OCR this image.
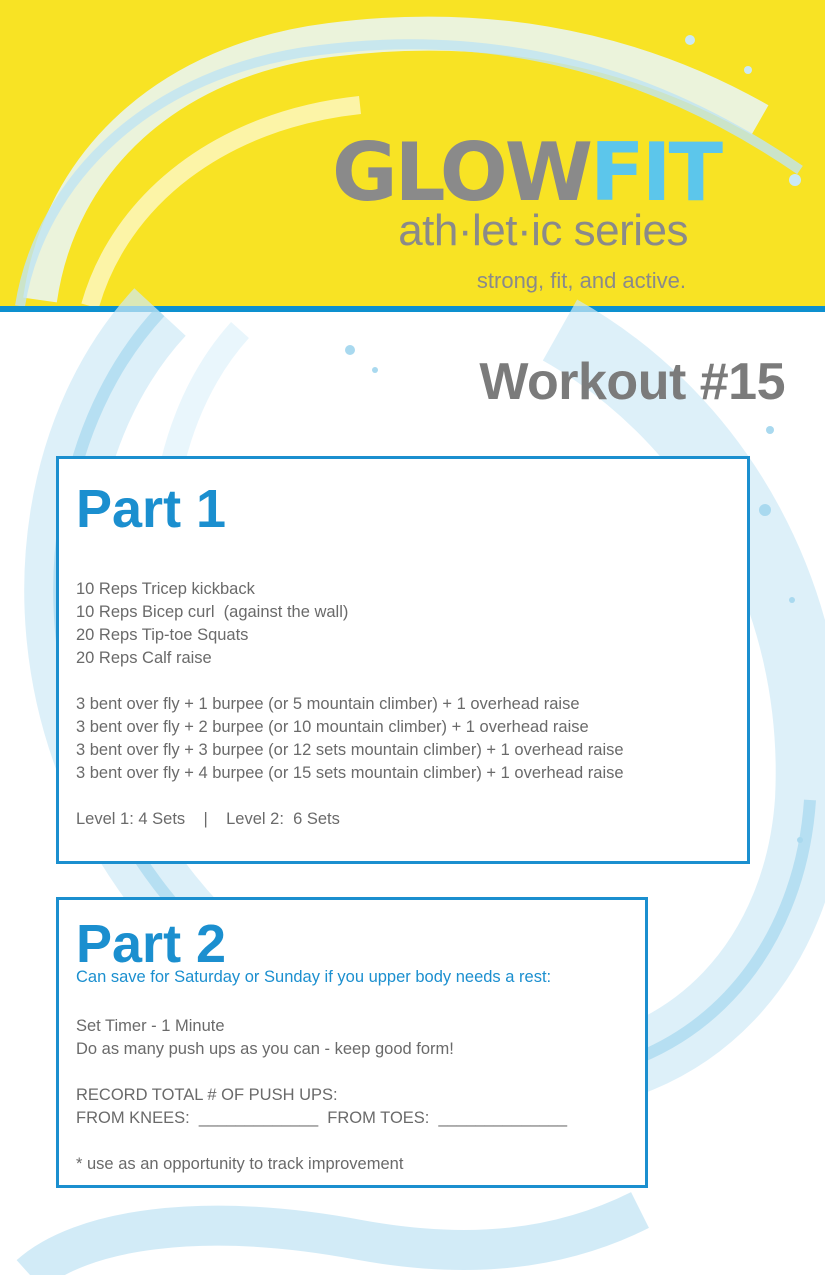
GLOWFIT
ath·let·ic series
strong, fit, and active.
Workout #15
Part 1
10 Reps Tricep kickback
10 Reps Bicep curl  (against the wall)
20 Reps Tip-toe Squats
20 Reps Calf raise
3 bent over fly + 1 burpee (or 5 mountain climber) + 1 overhead raise
3 bent over fly + 2 burpee (or 10 mountain climber) + 1 overhead raise
3 bent over fly + 3 burpee (or 12 sets mountain climber) + 1 overhead raise
3 bent over fly + 4 burpee (or 15 sets mountain climber) + 1 overhead raise
Level 1: 4 Sets    |    Level 2:  6 Sets
Part 2
Can save for Saturday or Sunday if you upper body needs a rest:
Set Timer - 1 Minute
Do as many push ups as you can - keep good form!
RECORD TOTAL # OF PUSH UPS:
FROM KNEES:  _____________  FROM TOES:  ______________
* use as an opportunity to track improvement
